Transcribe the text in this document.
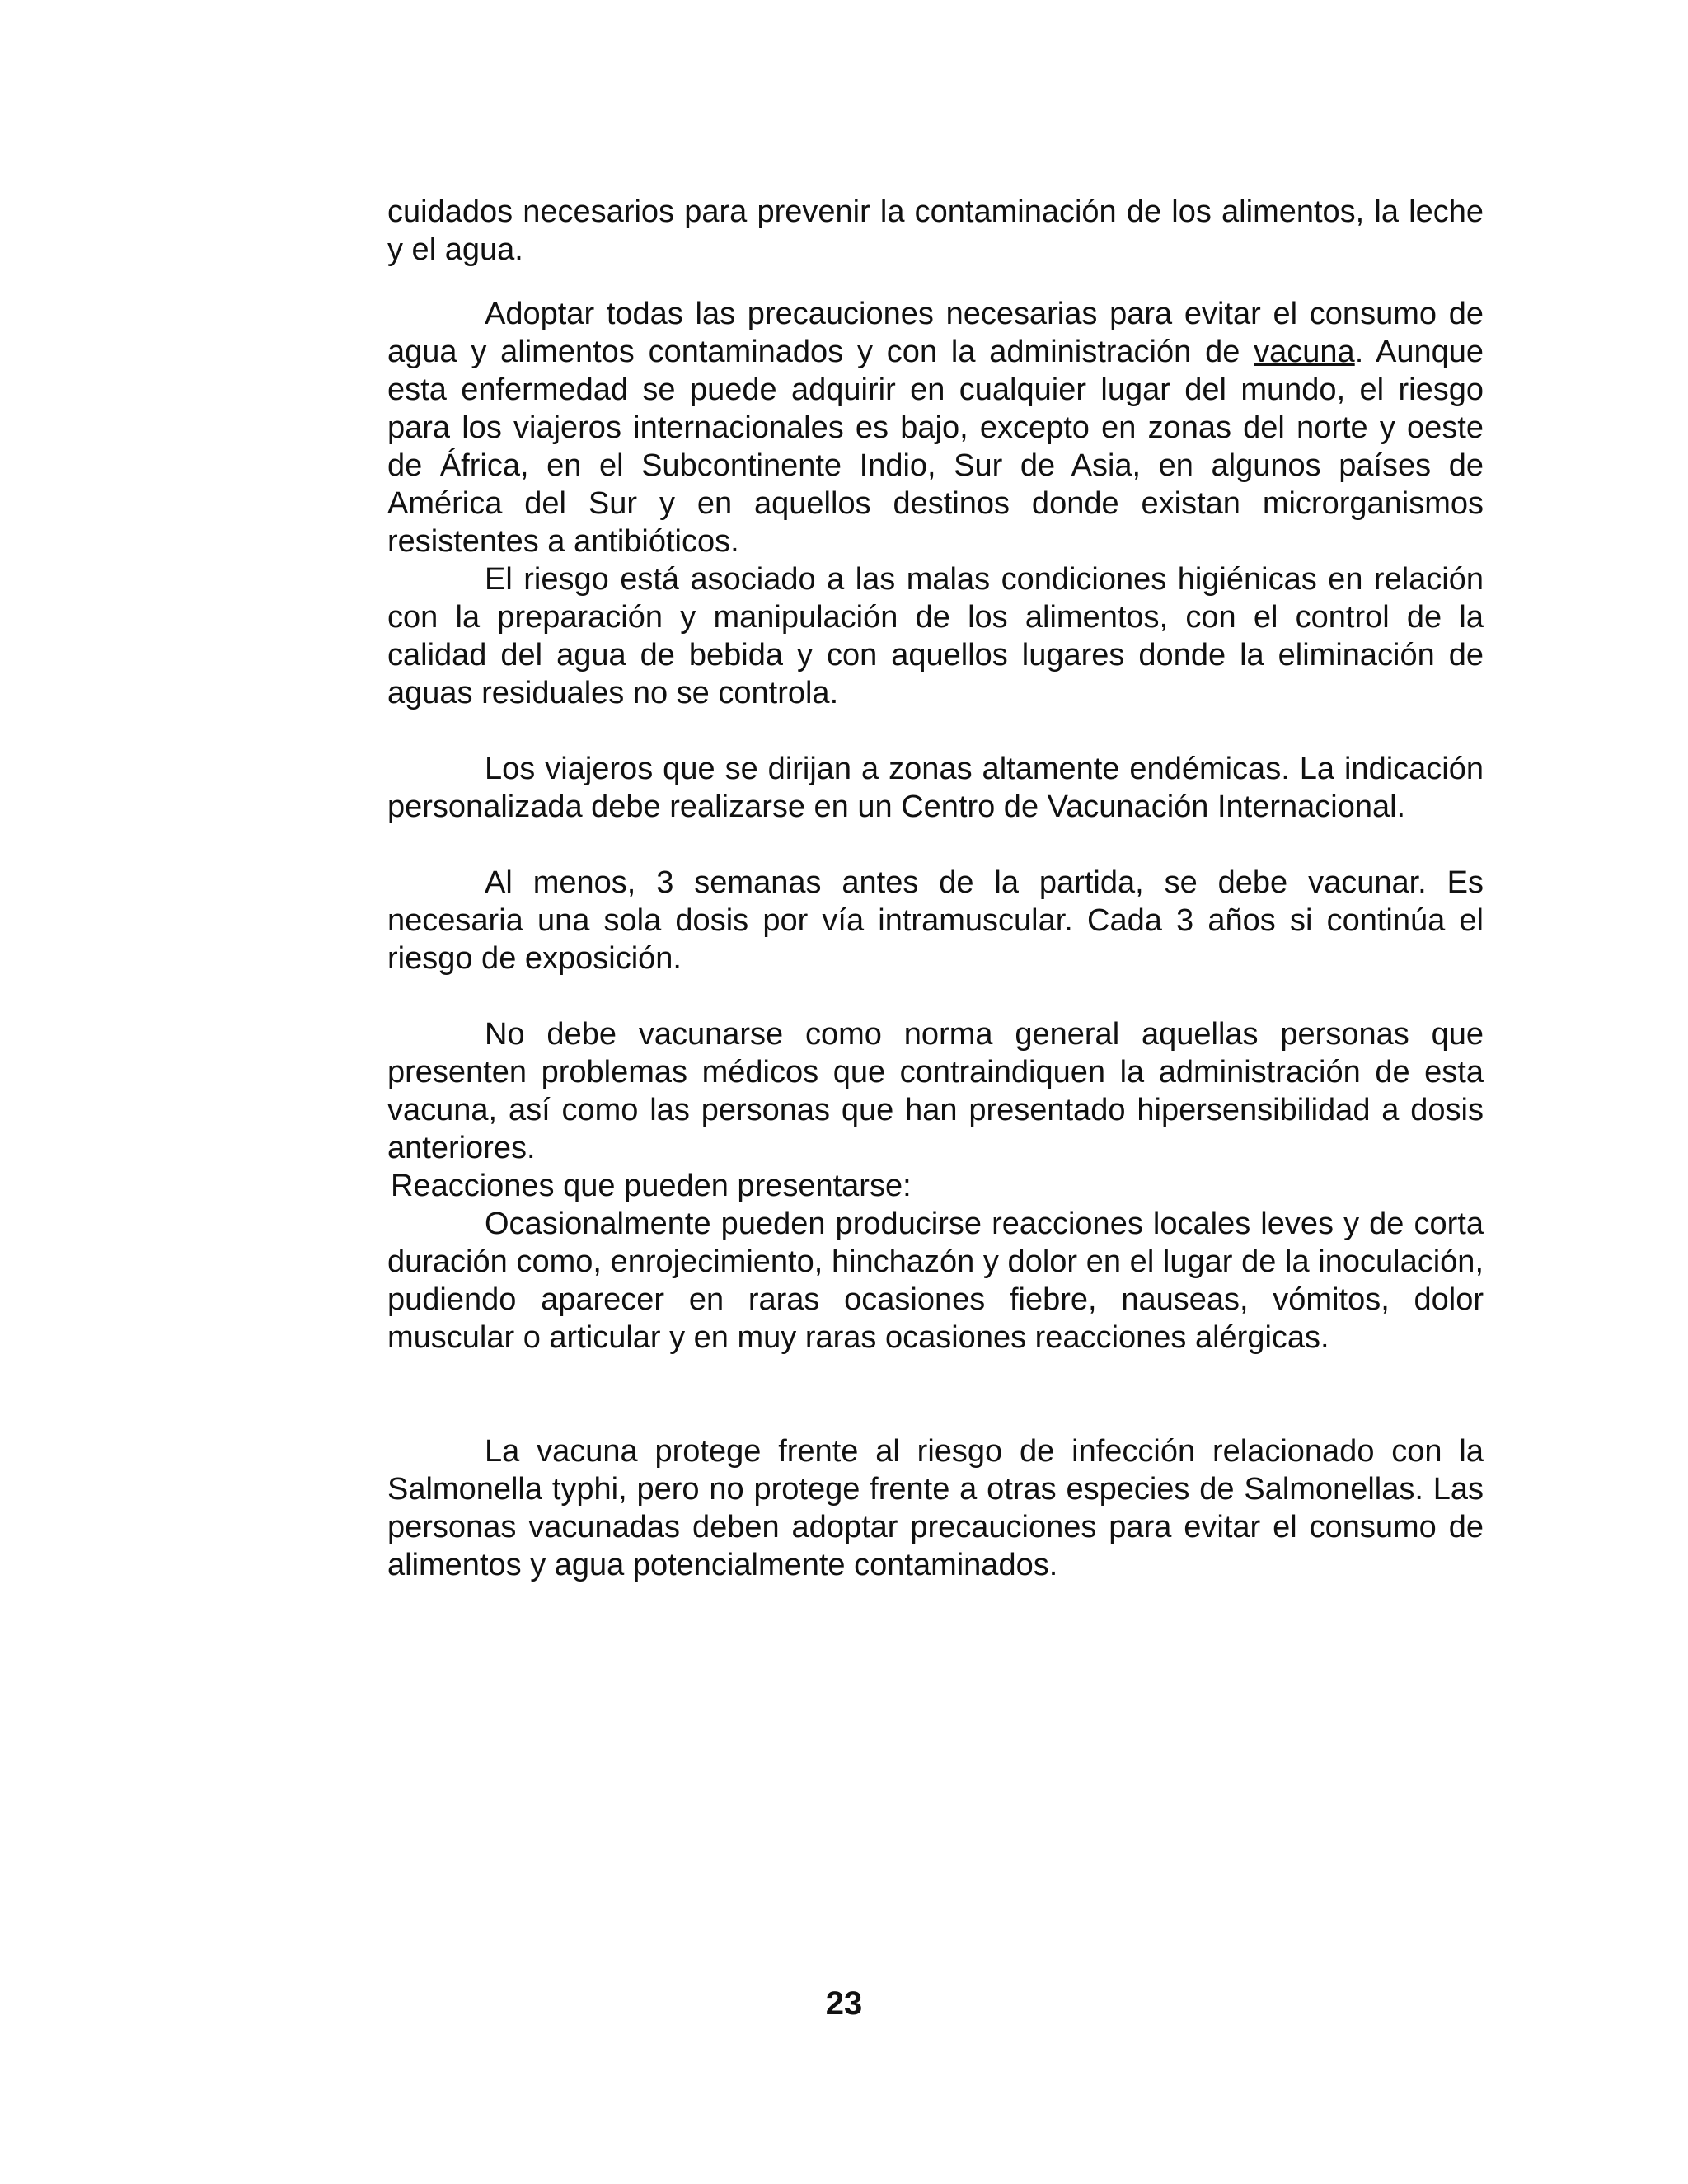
cuidados necesarios para prevenir la contaminación de los alimentos, la leche y el agua.

Adoptar todas las precauciones necesarias para evitar el consumo de agua y alimentos contaminados y con la administración de vacuna. Aunque esta enfermedad se puede adquirir en cualquier lugar del mundo, el riesgo para los viajeros internacionales es bajo, excepto en zonas del norte y oeste de África, en el Subcontinente Indio, Sur de Asia, en algunos países de América del Sur y en aquellos destinos donde existan microrganismos resistentes a antibióticos.

El riesgo está asociado a las malas condiciones higiénicas en relación con la preparación y manipulación de los alimentos, con el control de la calidad del agua de bebida y con aquellos lugares donde la eliminación de aguas residuales no se controla.

Los viajeros que se dirijan a zonas altamente endémicas. La indicación personalizada debe realizarse en un Centro de Vacunación Internacional.

Al menos, 3 semanas antes de la partida, se debe vacunar. Es necesaria una sola dosis por vía intramuscular. Cada 3 años si continúa el riesgo de exposición.

No debe vacunarse como norma general aquellas personas que presenten problemas médicos que contraindiquen la administración de esta vacuna, así como las personas que han presentado hipersensibilidad a dosis anteriores.

Reacciones que pueden presentarse:

Ocasionalmente pueden producirse reacciones locales leves y de corta duración como, enrojecimiento, hinchazón y dolor en el lugar de la inoculación, pudiendo aparecer en raras ocasiones fiebre, nauseas, vómitos, dolor muscular o articular y en muy raras ocasiones reacciones alérgicas.

La vacuna protege frente al riesgo de infección relacionado con la Salmonella typhi, pero no protege frente a otras especies de Salmonellas. Las personas vacunadas deben adoptar precauciones para evitar el consumo de alimentos y agua potencialmente contaminados.

23
